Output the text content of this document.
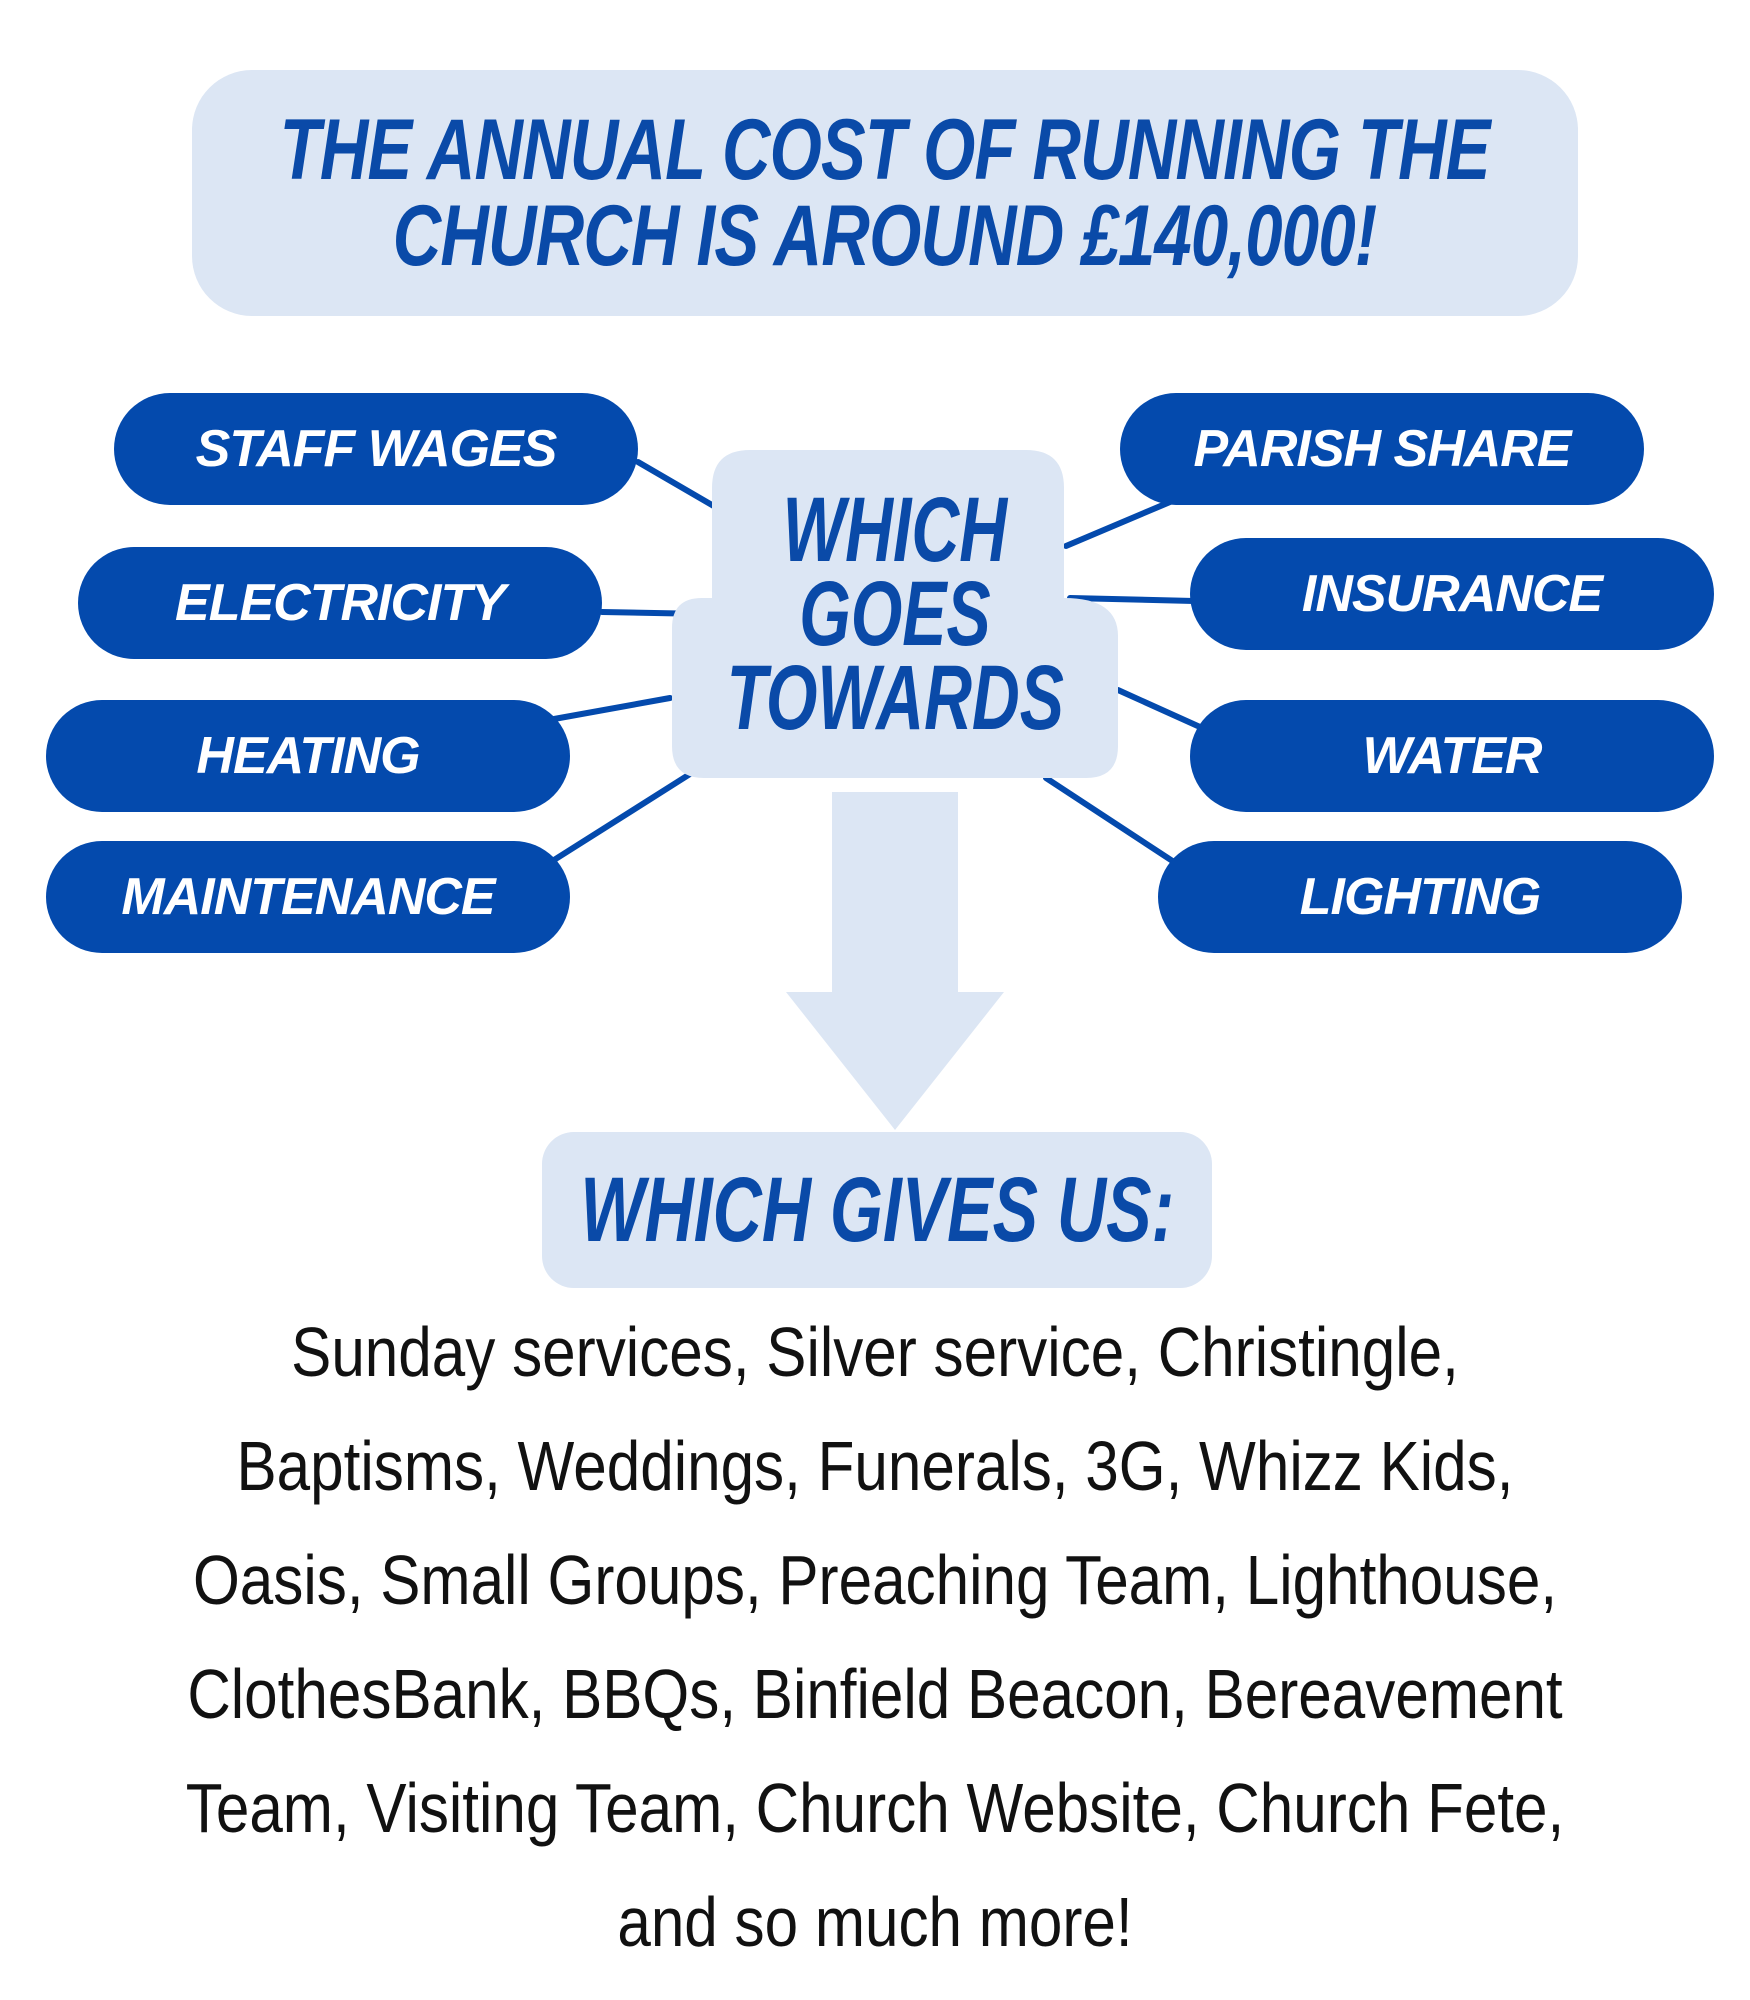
THE ANNUAL COST OF RUNNING THE
CHURCH IS AROUND £140,000!
STAFF WAGES
ELECTRICITY
HEATING
MAINTENANCE
PARISH SHARE
INSURANCE
WATER
LIGHTING
WHICH
GOES
TOWARDS
WHICH GIVES US:
Sunday services, Silver service, Christingle,
Baptisms, Weddings, Funerals, 3G, Whizz Kids,
Oasis, Small Groups, Preaching Team, Lighthouse,
ClothesBank, BBQs, Binfield Beacon, Bereavement
Team, Visiting Team, Church Website, Church Fete,
and so much more!
